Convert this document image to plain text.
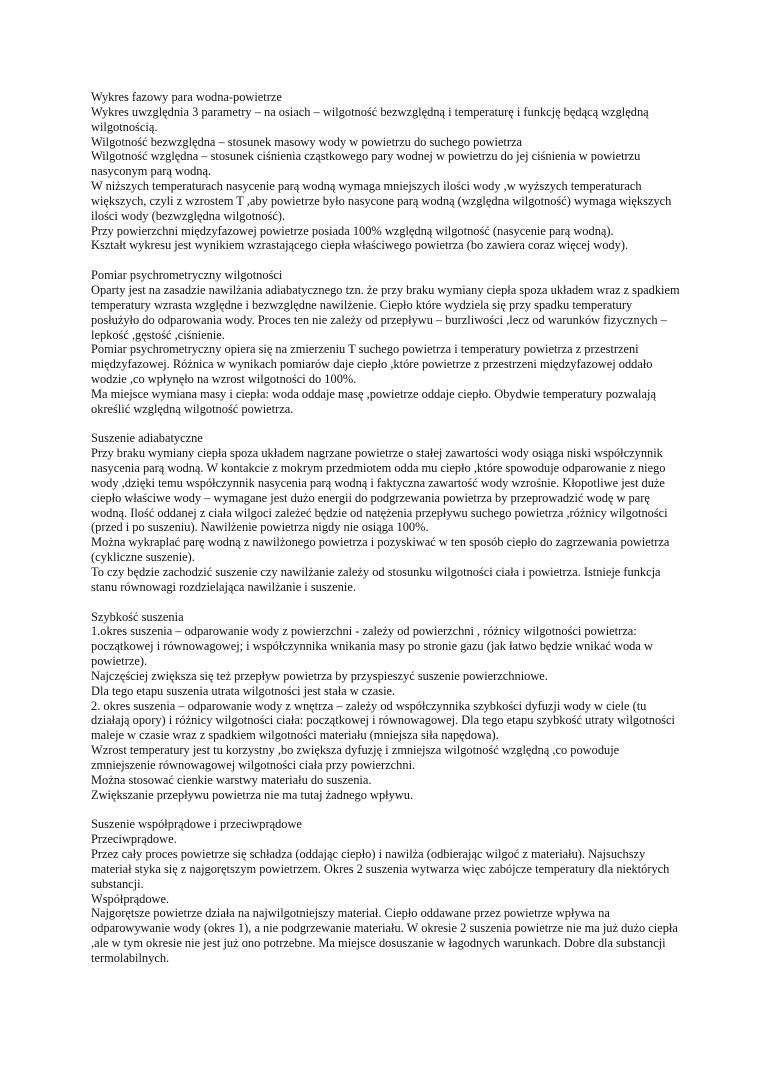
Wykres fazowy para wodna-powietrze

Wykres uwzględnia 3 parametry – na osiach – wilgotność bezwzględną i temperaturę i funkcję będącą względną wilgotnością.

Wilgotność bezwzględna – stosunek masowy wody w powietrzu do suchego powietrza

Wilgotność względna – stosunek ciśnienia cząstkowego pary wodnej w powietrzu do jej ciśnienia w powietrzu nasyconym parą wodną.

W niższych temperaturach nasycenie parą wodną wymaga mniejszych ilości wody ,w wyższych temperaturach większych, czyli z wzrostem T ,aby powietrze było nasycone parą wodną (względna wilgotność) wymaga większych ilości wody (bezwzględna wilgotność).

Przy powierzchni międzyfazowej powietrze posiada 100% względną wilgotność (nasycenie parą wodną).

Kształt wykresu jest wynikiem wzrastającego ciepła właściwego powietrza (bo zawiera coraz więcej wody).

Pomiar psychrometryczny wilgotności

Oparty jest na zasadzie nawilżania adiabatycznego tzn. że przy braku wymiany ciepła spoza układem wraz z spadkiem temperatury wzrasta względne i bezwzględne nawilżenie. Ciepło które wydziela się przy spadku temperatury posłużyło do odparowania wody. Proces ten nie zależy od przepływu – burzliwości ,lecz od warunków fizycznych – lepkość ,gęstość ,ciśnienie.

Pomiar psychrometryczny opiera się na zmierzeniu T suchego powietrza i temperatury powietrza z przestrzeni międzyfazowej. Różnica w wynikach pomiarów daje ciepło ,które powietrze z przestrzeni międzyfazowej oddało wodzie ,co wpłynęło na wzrost wilgotności do 100%.

Ma miejsce wymiana masy i ciepła: woda oddaje masę ,powietrze oddaje ciepło. Obydwie temperatury pozwalają określić względną wilgotność powietrza.

Suszenie adiabatyczne

Przy braku wymiany ciepła spoza układem nagrzane powietrze o stałej zawartości wody osiąga niski współczynnik nasycenia parą wodną. W kontakcie z mokrym przedmiotem odda mu ciepło ,które spowoduje odparowanie z niego wody ,dzięki temu współczynnik nasycenia parą wodną i faktyczna zawartość wody wzrośnie. Kłopotliwe jest duże ciepło właściwe wody – wymagane jest dużo energii do podgrzewania powietrza by przeprowadzić wodę w parę wodną. Ilość oddanej z ciała wilgoci zależeć będzie od natężenia przepływu suchego powietrza ,różnicy wilgotności (przed i po suszeniu). Nawilżenie powietrza nigdy nie osiąga 100%.

Można wykraplać parę wodną z nawilżonego powietrza i pozyskiwać w ten sposób ciepło do zagrzewania powietrza (cykliczne suszenie).

To czy będzie zachodzić suszenie czy nawilżanie zależy od stosunku wilgotności ciała i powietrza. Istnieje funkcja stanu równowagi rozdzielająca nawilżanie i suszenie.

Szybkość suszenia

1.okres suszenia – odparowanie wody z powierzchni - zależy od powierzchni , różnicy wilgotności powietrza: początkowej i równowagowej; i współczynnika wnikania masy po stronie gazu (jak łatwo będzie wnikać woda w powietrze).

Najczęściej zwiększa się też przepływ powietrza by przyspieszyć suszenie powierzchniowe.

Dla tego etapu suszenia utrata wilgotności jest stała w czasie.

2. okres suszenia – odparowanie wody z wnętrza – zależy od współczynnika szybkości dyfuzji wody w ciele (tu działają opory) i różnicy wilgotności ciała: początkowej i równowagowej. Dla tego etapu szybkość utraty wilgotności maleje w czasie wraz z spadkiem wilgotności materiału (mniejsza siła napędowa).

Wzrost temperatury jest tu korzystny ,bo zwiększa dyfuzję i zmniejsza wilgotność względną ,co powoduje zmniejszenie równowagowej wilgotności ciała przy powierzchni.

Można stosować cienkie warstwy materiału do suszenia.

Zwiększanie przepływu powietrza nie ma tutaj żadnego wpływu.

Suszenie współprądowe i przeciwprądowe

Przeciwprądowe.

Przez cały proces powietrze się schładza (oddając ciepło) i nawilża (odbierając wilgoć z materiału). Najsuchszy materiał styka się z najgorętszym powietrzem. Okres 2 suszenia wytwarza więc zabójcze temperatury dla niektórych substancji.

Współprądowe.

Najgorętsze powietrze działa na najwilgotniejszy materiał. Ciepło oddawane przez powietrze wpływa na odparowywanie wody (okres 1), a nie podgrzewanie materiału. W okresie 2 suszenia powietrze nie ma już dużo ciepła ,ale w tym okresie nie jest już ono potrzebne. Ma miejsce dosuszanie w łagodnych warunkach. Dobre dla substancji termolabilnych.
